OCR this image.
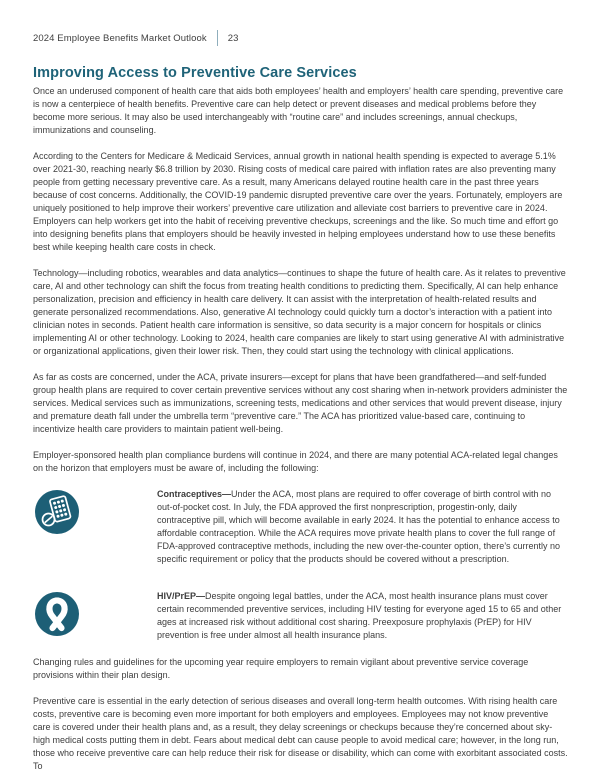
2024 Employee Benefits Market Outlook 23
Improving Access to Preventive Care Services

Once an underused component of health care that aids both employees’ health and employers’ health care spending, preventive care is now a centerpiece of health benefits. Preventive care can help detect or prevent diseases and medical problems before they become more serious. It may also be used interchangeably with “routine care” and includes screenings, annual checkups, immunizations and counseling.

According to the Centers for Medicare & Medicaid Services, annual growth in national health spending is expected to average 5.1% over 2021-30, reaching nearly $6.8 trillion by 2030. Rising costs of medical care paired with inflation rates are also preventing many people from getting necessary preventive care. As a result, many Americans delayed routine health care in the past three years because of cost concerns. Additionally, the COVID-19 pandemic disrupted preventive care over the years. Fortunately, employers are uniquely positioned to help improve their workers’ preventive care utilization and alleviate cost barriers to preventive care in 2024. Employers can help workers get into the habit of receiving preventive checkups, screenings and the like. So much time and effort go into designing benefits plans that employers should be heavily invested in helping employees understand how to use these benefits best while keeping health care costs in check.

Technology—including robotics, wearables and data analytics—continues to shape the future of health care. As it relates to preventive care, AI and other technology can shift the focus from treating health conditions to predicting them. Specifically, AI can help enhance personalization, precision and efficiency in health care delivery. It can assist with the interpretation of health-related results and generate personalized recommendations. Also, generative AI technology could quickly turn a doctor’s interaction with a patient into clinician notes in seconds. Patient health care information is sensitive, so data security is a major concern for hospitals or clinics implementing AI or other technology. Looking to 2024, health care companies are likely to start using generative AI with administrative or organizational applications, given their lower risk. Then, they could start using the technology with clinical applications.

As far as costs are concerned, under the ACA, private insurers—except for plans that have been grandfathered—and self-funded group health plans are required to cover certain preventive services without any cost sharing when in-network providers administer the services. Medical services such as immunizations, screening tests, medications and other services that would prevent disease, injury and premature death fall under the umbrella term “preventive care.” The ACA has prioritized value-based care, continuing to incentivize health care providers to maintain patient well-being.

Employer-sponsored health plan compliance burdens will continue in 2024, and there are many potential ACA-related legal changes on the horizon that employers must be aware of, including the following:

Contraceptives—Under the ACA, most plans are required to offer coverage of birth control with no out-of-pocket cost. In July, the FDA approved the first nonprescription, progestin-only, daily contraceptive pill, which will become available in early 2024. It has the potential to enhance access to affordable contraception. While the ACA requires move private health plans to cover the full range of FDA-approved contraceptive methods, including the new over-the-counter option, there’s currently no specific requirement or policy that the products should be covered without a prescription.

HIV/PrEP—Despite ongoing legal battles, under the ACA, most health insurance plans must cover certain recommended preventive services, including HIV testing for everyone aged 15 to 65 and other ages at increased risk without additional cost sharing. Preexposure prophylaxis (PrEP) for HIV prevention is free under almost all health insurance plans.

Changing rules and guidelines for the upcoming year require employers to remain vigilant about preventive service coverage provisions within their plan design.

Preventive care is essential in the early detection of serious diseases and overall long-term health outcomes. With rising health care costs, preventive care is becoming even more important for both employers and employees. Employees may not know preventive care is covered under their health plans and, as a result, they delay screenings or checkups because they’re concerned about sky-high medical costs putting them in debt. Fears about medical debt can cause people to avoid medical care; however, in the long run, those who receive preventive care can help reduce their risk for disease or disability, which can come with exorbitant associated costs. To
